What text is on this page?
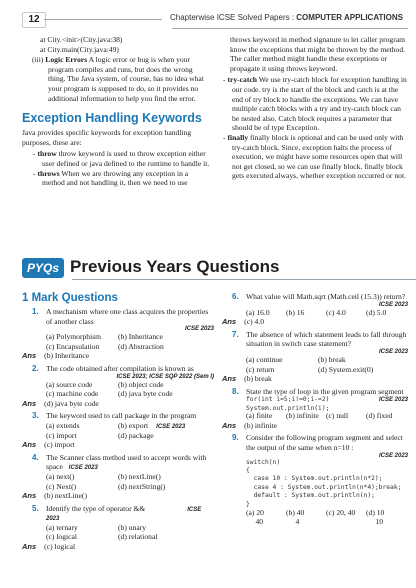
12	Chapterwise ICSE Solved Papers : COMPUTER APPLICATIONS

at City.<init>(City.java:38)

at City.main(City.java:49)

(iii) Logic Errors A logic error or bug is when your program compiles and runs, but does the wrong thing. The Java system, of course, has no idea what your program is supposed to do, so it provides no additional information to help you find the error.

Exception Handling Keywords

Java provides specific keywords for exception handling purposes, these are:

- throw throw keyword is used to throw exception either user defined or java defined to the runtime to handle it.

- throws When we are throwing any exception in a method and not handling it, then we need to use

throws keyword in method signature to let caller program know the exceptions that might be thrown by the method. The caller method might handle these exceptions or propagate it using throws keyword.

- try-catch We use try-catch block for exception handling in our code. try is the start of the block and catch is at the end of try block to handle the exceptions. We can have multiple catch blocks with a try and try-catch block can be nested also. Catch block requires a parameter that should be of type Exception.

- finally finally block is optional and can be used only with try-catch block. Since, exception halts the process of execution, we might have some resources open that will not get closed, so we can use finally block. finally block gets executed always, whether exception occurred or not.

PYQs Previous Years Questions
1 Mark Questions
1. A mechanism where one class acquires the properties of another class
ICSE 2023
(a) Polymorphism	(b) Inheritance
(c) Encapsulation	(d) Abstraction

Ans (b) Inheritance

2. The code obtained after compilation is known as
ICSE 2023; ICSE SQP 2022 (Sem I)
(a) source code	(b) object code
(c) machine code	(d) java byte code

Ans (d) java byte code

3. The keyword used to call package in the program
(a) extends	(b) export ICSE 2023
(c) import	(d) package

Ans (c) import

4. The Scanner class method used to accept words with space ICSE 2023
(a) next()	(b) nextLine()
(c) Next()	(d) nextString()

Ans (b) nextLine()

5. Identify the type of operator &&	ICSE 2023
(a) ternary	(b) unary
(c) logical	(d) relational

Ans (c) logical

6. What value will Math.sqrt (Math.ceil (15.3)) return?
ICSE 2023
(a) 16.0	(b) 16	(c) 4.0	(d) 5.0

Ans (c) 4.0

7. The absence of which statement leads to fall through situation in switch case statement?
ICSE 2023
(a) continue	(b) break
(c) return	(d) System.exit(0)

Ans (b) break

8. State the type of loop in the given program segment
for(int i=5;i!=0;i-=2)
System.out.println(i);
ICSE 2023
(a) finite	(b) infinite (c) null	(d) fixed

Ans (b) infinite

9. Consider the following program segment and select the output of the same when n=10 :
ICSE 2023
switch(n)
{
case 10 : System.out.println(n*2);
case 4 : System.out.println(n*4);break;
default : System.out.println(n);
}
(a) 20
40
(b) 40
4
(c) 20, 40	(d) 10
10
